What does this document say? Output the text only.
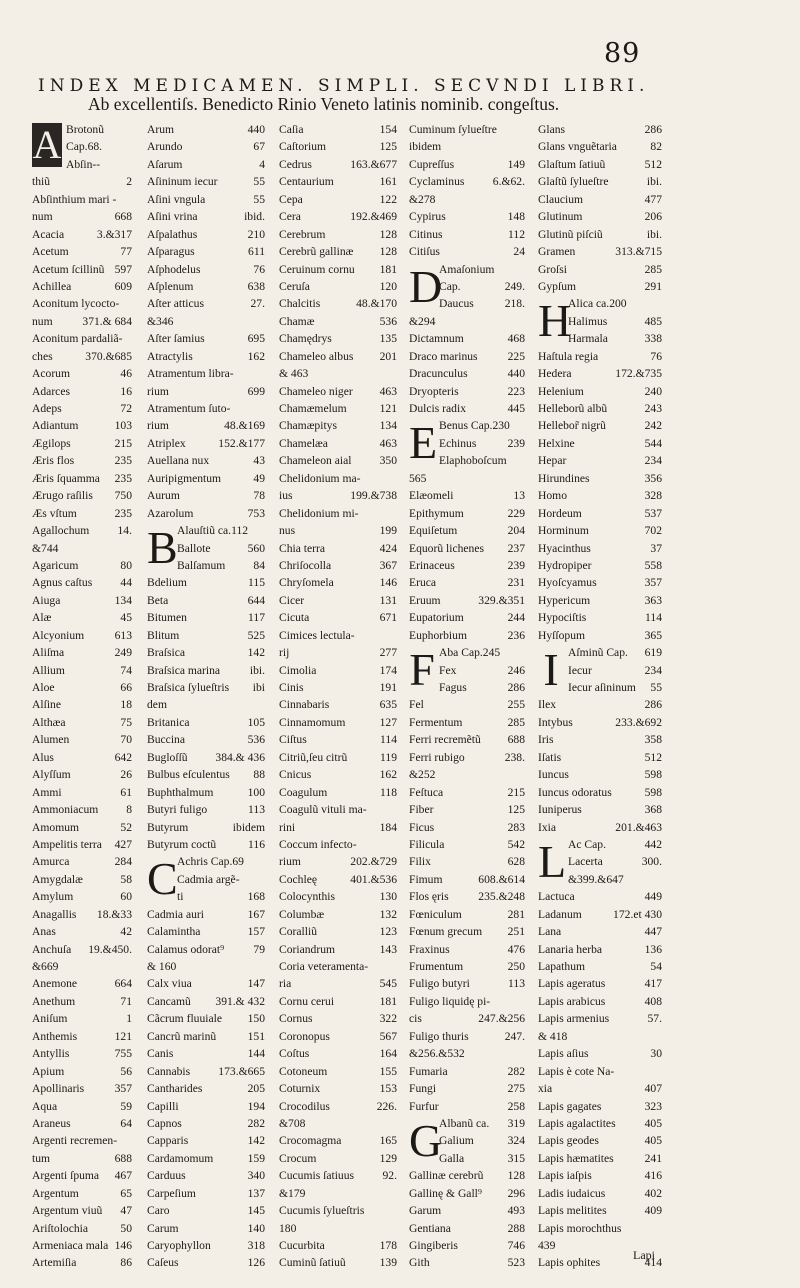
89
INDEX MEDICAMEN. SIMPLI. SECVNDI LIBRI.
Ab excellentiſs. Benedicto Rinio Veneto latinis nominib. congeſtus.
A Brotonũ
Cap.68.
Abſin--
thiũ	2
Abſinthium mari -
num	668
Acacia	3.&317
Acetum	77
Acetum ſcillinũ 597
Achillea	609
Aconitum lycocto-
num	371.& 684
Aconitum pardaliã-
ches	370.&685
Acorum	46
Adarces	16
Adeps	72
Adiantum	103
Ægilops	215
Æris flos	235
Æris ſquamma 235
Ærugo raſilis 750
Æs vſtum	235
Agallochum 14.
&744
Agaricum	80
Agnus caſtus 44
Aiuga	134
Alæ	45
Alcyonium	613
Aliſma	249
Allium	74
Aloe	66
Alſine	18
Althæa	75
Alumen	70
Alus	642
Alyſſum	26
Ammi	61
Ammoniacum 8
Amomum	52
Ampelitis terra 427
Amurca	284
Amygdalæ	58
Amylum	60
Anagallis 18.&33
Anas	42
Anchuſa 19.&450.
&669
Anemone	664
Anethum	71
Aniſum	1
Anthemis	121
Antyllis	755
Apium	56
Apollinaris	357
Aqua	59
Araneus	64
Argenti recremen-
tum	688
Argenti ſpuma 467
Argentum	65
Argentum viuũ 47
Ariſtolochia	50
Armeniaca mala 146
Artemiſia	86
Arum	440
Arundo	67
Aſarum	4
Aſininum iecur	55
Aſini vngula	55
Aſini vrina	ibid.
Aſpalathus	210
Aſparagus	611
Aſphodelus	76
Aſplenum	638
Aſter atticus	27.
&346
Aſter ſamius	695
Atractylis	162
Atramentum libra-
rium	699
Atramentum ſuto-
rium	48.&169
Atriplex	152.&177
Auellana nux	43
Auripigmentum	49
Aurum	78
Azarolum	753
B Alauſtiũ ca.112
Ballote	560
Balſamum 84
Bdelium	115
Beta	644
Bitumen	117
Blitum	525
Braſsica	142
Braſsica marina	ibi.
Braſsica ſylueſtris ibi
dem
Britanica	105
Buccina	536
Bugloſſũ 384.& 436
Bulbus eſculentus 88
Buphthalmum	100
Butyri fuligo	113
Butyrum	ibidem
Butyrum coctũ	116
C Achris Cap.69
Cadmia argẽ-
ti	168
Cadmia auri	167
Calamintha	157
Calamus odorat⁹	79
& 160
Calx viua	147
Cancamũ 391.& 432
Cãcrum fluuiale 150
Cancrũ marinũ	151
Canis	144
Cannabis 173.&665
Cantharides	205
Capilli	194
Capnos	282
Capparis	142
Cardamomum	159
Carduus	340
Carpeſium	137
Caro	145
Carum	140
Caryophyllon	318
Caſeus	126
Caſia	154
Caſtorium	125
Cedrus	163.&677
Centaurium	161
Cepa	122
Cera	192.&469
Cerebrum	128
Cerebrũ gallinæ 128
Ceruinum cornu 181
Ceruſa	120
Chalcitis	48.&170
Chamæ	536
Chamędrys	135
Chameleo albus 201
& 463
Chameleo niger 463
Chamæmelum	121
Chamæpitys	134
Chamelæa	463
Chameleon aial 350
Chelidonium ma-
ius	199.&738
Chelidonium mi-
nus	199
Chia terra	424
Chriſocolla	367
Chryſomela	146
Cicer	131
Cicuta	671
Cimices lectula-
rij	277
Cimolia	174
Cinis	191
Cinnabaris	635
Cinnamomum	127
Ciſtus	114
Citriũ,ſeu citrũ	119
Cnicus	162
Coagulum	118
Coagulũ vituli ma-
rini	184
Coccum infecto-
rium	202.&729
Cochleę	401.&536
Colocynthis	130
Columbæ	132
Coralliũ	123
Coriandrum	143
Coria veteramenta-
ria	545
Cornu cerui	181
Cornus	322
Coronopus	567
Coſtus	164
Cotoneum	155
Coturnix	153
Crocodilus	226.
&708
Crocomagma	165
Crocum	129
Cucumis ſatiuus 92.
&179
Cucumis ſylueſtris
180
Cucurbita	178
Cuminũ ſatiuũ	139
Cuminum ſylueſtre
ibidem
Cupreſſus	149
Cyclaminus 6.&62.
&278
Cypirus	148
Citinus	112
Citiſus	24
D
Amaſonium
Cap.	249.
Daucus	218.
&294
Dictamnum	468
Draco marinus	225
Dracunculus	440
Dryopteris	223
Dulcis radix	445
E Benus Cap.230
Echinus	239
Elaphoboſcum
565
Elæomeli	13
Epithymum	229
Equiſetum	204
Equorũ lichenes 237
Erinaceus	239
Eruca	231
Eruum	329.&351
Eupatorium	244
Euphorbium	236
F Aba Cap.245
Fex	246
Fagus	286
Fel	255
Fermentum	285
Ferri recremẽtũ 688
Ferri rubigo	238.
&252
Feſtuca	215
Fiber	125
Ficus	283
Filicula	542
Filix	628
Fimum	608.&614
Flos ęris	235.&248
Fœniculum	281
Fœnum grecum 251
Fraxinus	476
Frumentum	250
Fuligo butyri	113
Fuligo liquidę pi-
cis	247.&256
Fuligo thuris	247.
&256.&532
Fumaria	282
Fungi	275
Furfur	258
G
Albanũ ca. 319
Galium	324
Galla	315
Gallinæ cerebrũ 128
Gallinę & Gall⁹ 296
Garum	493
Gentiana	288
Gingiberis	746
Gith	523
Glans	286
Glans vnguẽtaria	82
Glaſtum ſatiuũ	512
Glaſtũ ſylueſtre	ibi.
Claucium	477
Glutinum	206
Glutinũ piſciũ	ibi.
Gramen	313.&715
Groſsi	285
Gypſum	291
H
Alica ca.200
Halimus	485
Harmala	338
Haſtula regia	76
Hedera	172.&735
Helenium	240
Helleborũ albũ	243
Hellebor̃ nigrũ	242
Helxine	544
Hepar	234
Hirundines	356
Homo	328
Hordeum	537
Horminum	702
Hyacinthus	37
Hydropiper	558
Hyoſcyamus	357
Hypericum	363
Hypociſtis	114
Hyſſopum	365
I Aſminũ Cap. 619
Iecur	234
Iecur aſininum 55
Ilex	286
Intybus	233.&692
Iris	358
Iſatis	512
Iuncus	598
Iuncus odoratus	598
Iuniperus	368
Ixia	201.&463
L Ac Cap.	442
Lacerta	300.
&399.&647
Lactuca	449
Ladanum	172.et 430
Lana	447
Lanaria herba	136
Lapathum	54
Lapis ageratus	417
Lapis arabicus	408
Lapis armenius	57.
& 418
Lapis aſius	30
Lapis è cote Na-
xia	407
Lapis gagates	323
Lapis agalactites	405
Lapis geodes	405
Lapis hæmatites	241
Lapis iaſpis	416
Ladis iudaicus	402
Lapis melitites	409
Lapis morochthus
439
Lapis ophites	414
Lapi
